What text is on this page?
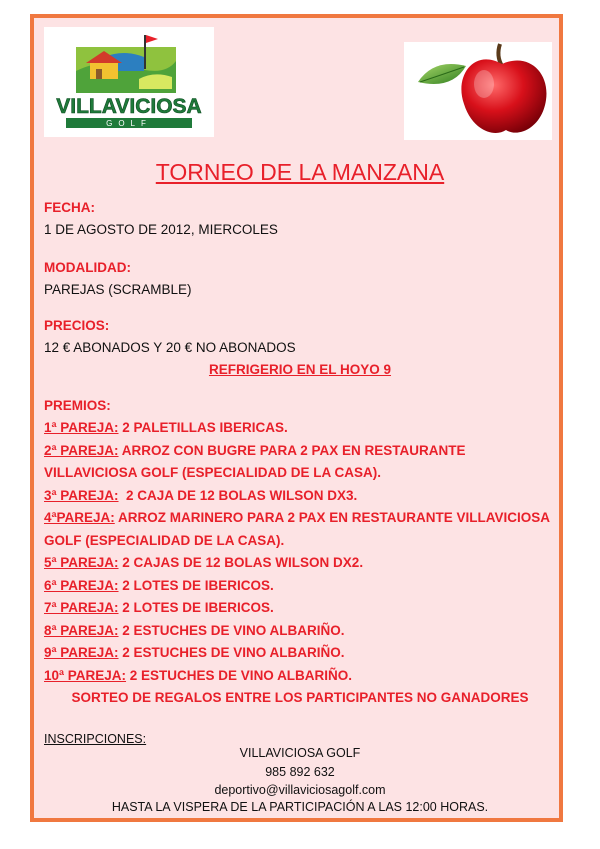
VILLAVICIOSA
GOLF
TORNEO DE LA MANZANA
FECHA:
1 DE AGOSTO DE 2012, MIERCOLES
MODALIDAD:
PAREJAS (SCRAMBLE)
PRECIOS:
12 € ABONADOS Y 20 € NO ABONADOS
REFRIGERIO EN EL HOYO 9
PREMIOS:
1ª PAREJA: 2 PALETILLAS IBERICAS.
2ª PAREJA: ARROZ CON BUGRE PARA 2 PAX EN RESTAURANTE
VILLAVICIOSA GOLF (ESPECIALIDAD DE LA CASA).
3ª PAREJA:  2 CAJA DE 12 BOLAS WILSON DX3.
4ªPAREJA: ARROZ MARINERO PARA 2 PAX EN RESTAURANTE VILLAVICIOSA
GOLF (ESPECIALIDAD DE LA CASA).
5ª PAREJA: 2 CAJAS DE 12 BOLAS WILSON DX2.
6ª PAREJA: 2 LOTES DE IBERICOS.
7ª PAREJA: 2 LOTES DE IBERICOS.
8ª PAREJA: 2 ESTUCHES DE VINO ALBARIÑO.
9ª PAREJA: 2 ESTUCHES DE VINO ALBARIÑO.
10ª PAREJA: 2 ESTUCHES DE VINO ALBARIÑO.
SORTEO DE REGALOS ENTRE LOS PARTICIPANTES NO GANADORES
INSCRIPCIONES:
VILLAVICIOSA GOLF
985 892 632
deportivo@villaviciosagolf.com
HASTA LA VISPERA DE LA PARTICIPACIÓN A LAS 12:00 HORAS.
